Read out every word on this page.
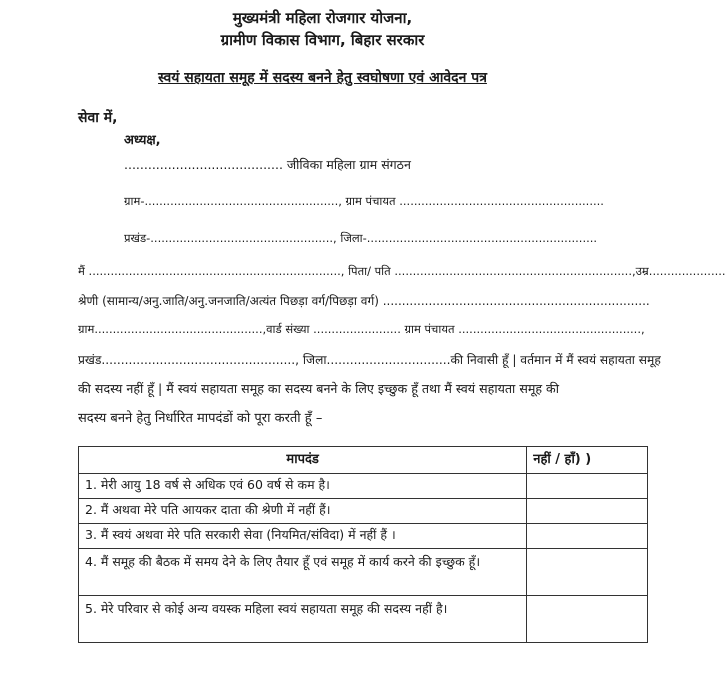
मुख्यमंत्री महिला रोजगार योजना,
ग्रामीण विकास विभाग, बिहार सरकार
स्वयं सहायता समूह में सदस्य बनने हेतु स्वघोषणा एवं आवेदन पत्र
सेवा में,
अध्यक्ष,
........................................ जीविका महिला ग्राम संगठन
ग्राम-....................................................., ग्राम पंचायत ........................................................
प्रखंड-.................................................., जिला-...............................................................
मैं ....................................................................., पिता/ पति .................................................................,उम्र.....................
श्रेणी (सामान्य/अनु.जाति/अनु.जनजाति/अत्यंत पिछड़ा वर्ग/पिछड़ा वर्ग) ......................................................................
ग्राम..............................................,वार्ड संख्या ........................ ग्राम पंचायत ..................................................,
प्रखंड.................................................., जिला................................की निवासी हूँ | वर्तमान में मैं स्वयं सहायता समूह
की सदस्य नहीं हूँ | मैं स्वयं सहायता समूह का सदस्य बनने के लिए इच्छुक हूँ तथा मैं स्वयं सहायता समूह की
सदस्य बनने हेतु निर्धारित मापदंडों को पूरा करती हूँ –
मापदंड	नहीं / हाँ) )
1. मेरी आयु 18 वर्ष से अधिक एवं 60 वर्ष से कम है।	
2. मैं अथवा मेरे पति आयकर दाता की श्रेणी में नहीं हैं।	
3. मैं स्वयं अथवा मेरे पति सरकारी सेवा (नियमित/संविदा) में नहीं हैं ।	
4. मैं समूह की बैठक में समय देने के लिए तैयार हूँ एवं समूह में कार्य करने की इच्छुक हूँ।	
5. मेरे परिवार से कोई अन्य वयस्क महिला स्वयं सहायता समूह की सदस्य नहीं है।	
